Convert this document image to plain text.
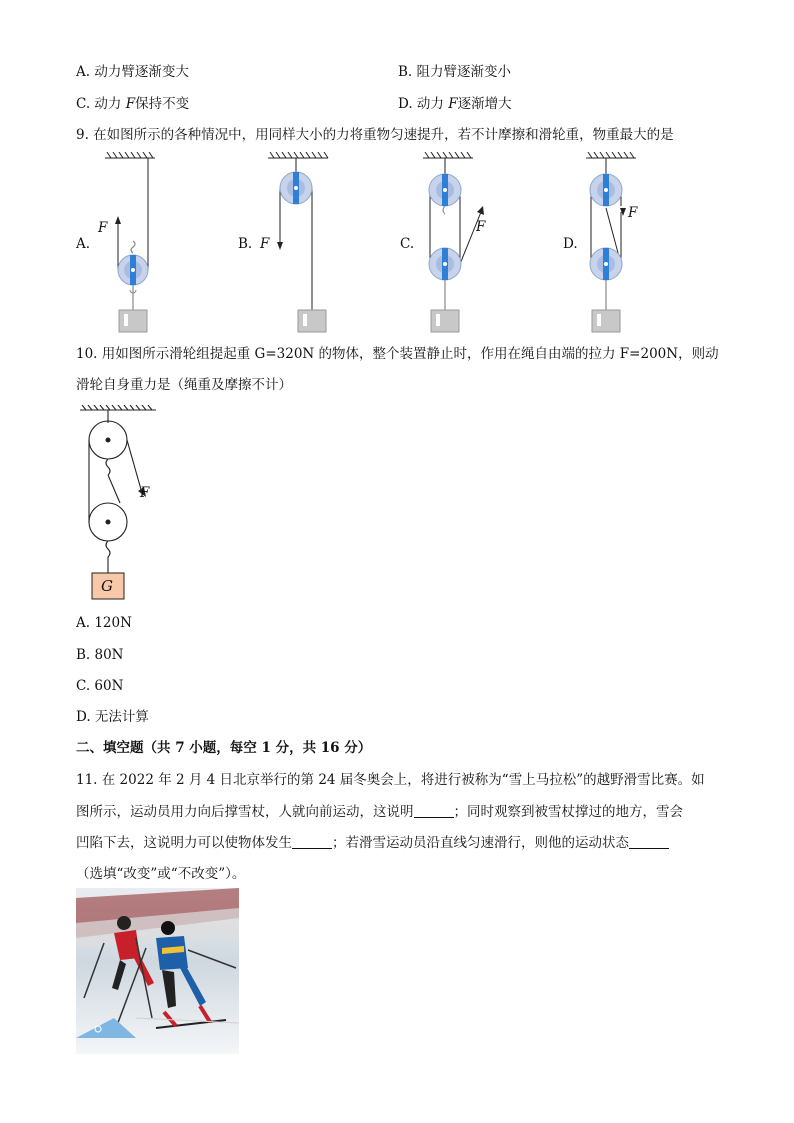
A. 动力臂逐渐变大	B. 阻力臂逐渐变小
C. 动力 F保持不变	D. 动力 F逐渐增大
9. 在如图所示的各种情况中，用同样大小的力将重物匀速提升，若不计摩擦和滑轮重，物重最大的是
A.
F
B. F	C.
F
D.
F
10. 用如图所示滑轮组提起重 G=320N 的物体，整个装置静止时，作用在绳自由端的拉力 F=200N，则动
滑轮自身重力是（绳重及摩擦不计）
F
G
A. 120N
B. 80N
C. 60N
D. 无法计算
二、填空题（共 7 小题，每空 1 分，共 16 分）
11. 在 2022 年 2 月 4 日北京举行的第 24 届冬奥会上，将进行被称为“雪上马拉松”的越野滑雪比赛。如
图所示，运动员用力向后撑雪杖，人就向前运动，这说明	；同时观察到被雪杖撑过的地方，雪会
凹陷下去，这说明力可以使物体发生	；若滑雪运动员沿直线匀速滑行，则他的运动状态
（选填“改变”或“不改变”）。
